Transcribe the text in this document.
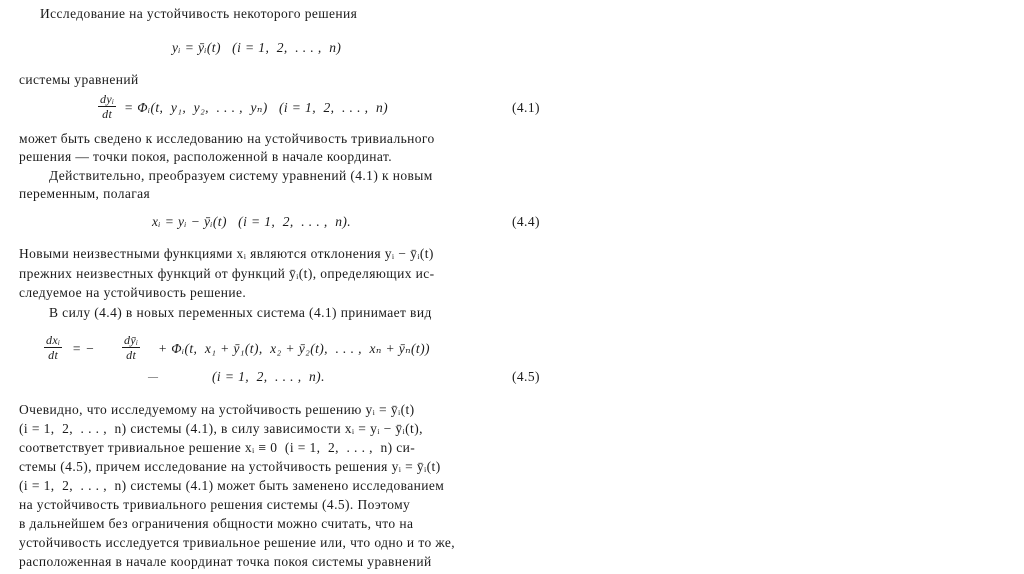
Исследование на устойчивость некоторого решения
yᵢ = ȳᵢ(t)   (i = 1,  2,  . . . ,  n)
системы уравнений
dyᵢ
dt = Φᵢ(t,  y₁,  y₂,  . . . ,  yₙ)   (i = 1,  2,  . . . ,  n)	(4.1)
может быть сведено к исследованию на устойчивость тривиального
решения — точки покоя, расположенной в начале координат.
Действительно, преобразуем систему уравнений (4.1) к новым
переменным, полагая
xᵢ = yᵢ − ȳᵢ(t)   (i = 1,  2,  . . . ,  n).	(4.4)
Новыми неизвестными функциями xᵢ являются отклонения yᵢ − ȳᵢ(t)
прежних неизвестных функций от функций ȳᵢ(t), определяющих ис-
следуемое на устойчивость решение.
В силу (4.4) в новых переменных система (4.1) принимает вид
dxᵢ
dt	= −
dȳᵢ
dt	+ Φᵢ(t,  x₁ + ȳ₁(t),  x₂ + ȳ₂(t),  . . . ,  xₙ + ȳₙ(t))
—	(i = 1,  2,  . . . ,  n).	(4.5)
Очевидно, что исследуемому на устойчивость решению yᵢ = ȳᵢ(t)
(i = 1,  2,  . . . ,  n) системы (4.1), в силу зависимости xᵢ = yᵢ − ȳᵢ(t),
соответствует тривиальное решение xᵢ ≡ 0  (i = 1,  2,  . . . ,  n) си-
стемы (4.5), причем исследование на устойчивость решения yᵢ = ȳᵢ(t)
(i = 1,  2,  . . . ,  n) системы (4.1) может быть заменено исследованием
на устойчивость тривиального решения системы (4.5). Поэтому
в дальнейшем без ограничения общности можно считать, что на
устойчивость исследуется тривиальное решение или, что одно и то же,
расположенная в начале координат точка покоя системы уравнений
